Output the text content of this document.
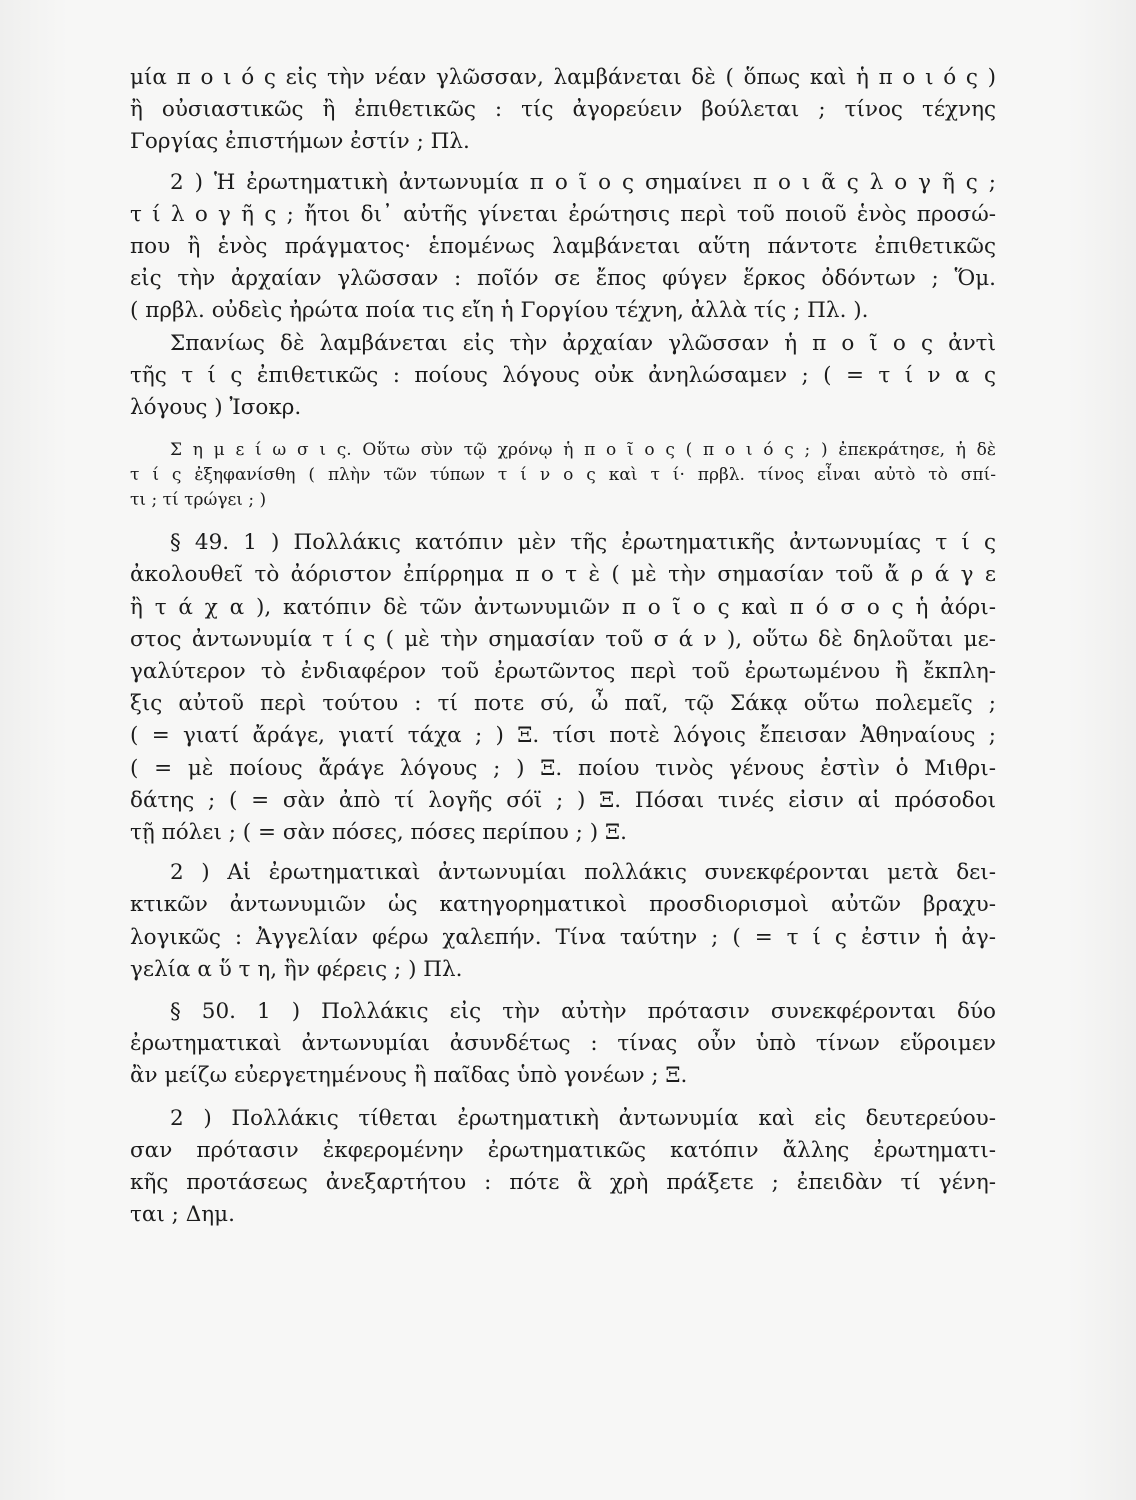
μία π ο ι ό ς εἰς τὴν νέαν γλῶσσαν, λαμβάνεται δὲ ( ὅπως καὶ ἡ π ο ι ό ς )
ἢ οὐσιαστικῶς ἢ ἐπιθετικῶς : τίς ἀγορεύειν βούλεται ; τίνος τέχνης
Γοργίας ἐπιστήμων ἐστίν ; Πλ.
2 ) Ἡ ἐρωτηματικὴ ἀντωνυμία π ο ῖ ο ς σημαίνει π ο ι ᾶ ς λ ο γ ῆ ς ;
τ ί λ ο γ ῆ ς ; ἤτοι δι᾽ αὐτῆς γίνεται ἐρώτησις περὶ τοῦ ποιοῦ ἑνὸς προσώ-
που ἢ ἑνὸς πράγματος· ἑπομένως λαμβάνεται αὕτη πάντοτε ἐπιθετικῶς
εἰς τὴν ἀρχαίαν γλῶσσαν : ποῖόν σε ἔπος φύγεν ἕρκος ὀδόντων ; Ὅμ.
( πρβλ. οὐδεὶς ἠρώτα ποία τις εἴη ἡ Γοργίου τέχνη, ἀλλὰ τίς ; Πλ. ).
Σπανίως δὲ λαμβάνεται εἰς τὴν ἀρχαίαν γλῶσσαν ἡ π ο ῖ ο ς ἀντὶ
τῆς τ ί ς ἐπιθετικῶς : ποίους λόγους οὐκ ἀνηλώσαμεν ; ( = τ ί ν α ς
λόγους ) Ἰσοκρ.
Σ η μ ε ί ω σ ι ς. Οὕτω σὺν τῷ χρόνῳ ἡ π ο ῖ ο ς ( π ο ι ό ς ; ) ἐπεκράτησε, ἡ δὲ
τ ί ς ἐξηφανίσθη ( πλὴν τῶν τύπων τ ί ν ο ς καὶ τ ί· πρβλ. τίνος εἶναι αὐτὸ τὸ σπί-
τι ; τί τρώγει ; )
§ 49. 1 ) Πολλάκις κατόπιν μὲν τῆς ἐρωτηματικῆς ἀντωνυμίας τ ί ς
ἀκολουθεῖ τὸ ἀόριστον ἐπίρρημα π ο τ ὲ ( μὲ τὴν σημασίαν τοῦ ἄ ρ ά γ ε
ἢ τ ά χ α ), κατόπιν δὲ τῶν ἀντωνυμιῶν π ο ῖ ο ς καὶ π ό σ ο ς ἡ ἀόρι-
στος ἀντωνυμία τ ί ς ( μὲ τὴν σημασίαν τοῦ σ ά ν ), οὕτω δὲ δηλοῦται με-
γαλύτερον τὸ ἐνδιαφέρον τοῦ ἐρωτῶντος περὶ τοῦ ἐρωτωμένου ἢ ἔκπλη-
ξις αὐτοῦ περὶ τούτου : τί ποτε σύ, ὦ παῖ, τῷ Σάκᾳ οὕτω πολεμεῖς ;
( = γιατί ἄράγε, γιατί τάχα ; ) Ξ. τίσι ποτὲ λόγοις ἔπεισαν Ἀθηναίους ;
( = μὲ ποίους ἄράγε λόγους ; ) Ξ. ποίου τινὸς γένους ἐστὶν ὁ Μιθρι-
δάτης ; ( = σὰν ἀπὸ τί λογῆς σόϊ ; ) Ξ. Πόσαι τινές εἰσιν αἱ πρόσοδοι
τῇ πόλει ; ( = σὰν πόσες, πόσες περίπου ; ) Ξ.
2 ) Αἱ ἐρωτηματικαὶ ἀντωνυμίαι πολλάκις συνεκφέρονται μετὰ δει-
κτικῶν ἀντωνυμιῶν ὡς κατηγορηματικοὶ προσδιορισμοὶ αὐτῶν βραχυ-
λογικῶς : Ἀγγελίαν φέρω χαλεπήν. Τίνα ταύτην ; ( = τ ί ς ἐστιν ἡ ἀγ-
γελία α ὕ τ η, ἣν φέρεις ; ) Πλ.
§ 50. 1 ) Πολλάκις εἰς τὴν αὐτὴν πρότασιν συνεκφέρονται δύο
ἐρωτηματικαὶ ἀντωνυμίαι ἀσυνδέτως : τίνας οὖν ὑπὸ τίνων εὕροιμεν
ἂν μείζω εὐεργετημένους ἢ παῖδας ὑπὸ γονέων ; Ξ.
2 ) Πολλάκις τίθεται ἐρωτηματικὴ ἀντωνυμία καὶ εἰς δευτερεύου-
σαν πρότασιν ἐκφερομένην ἐρωτηματικῶς κατόπιν ἄλλης ἐρωτηματι-
κῆς προτάσεως ἀνεξαρτήτου : πότε ἃ χρὴ πράξετε ; ἐπειδὰν τί γένη-
ται ; Δημ.
